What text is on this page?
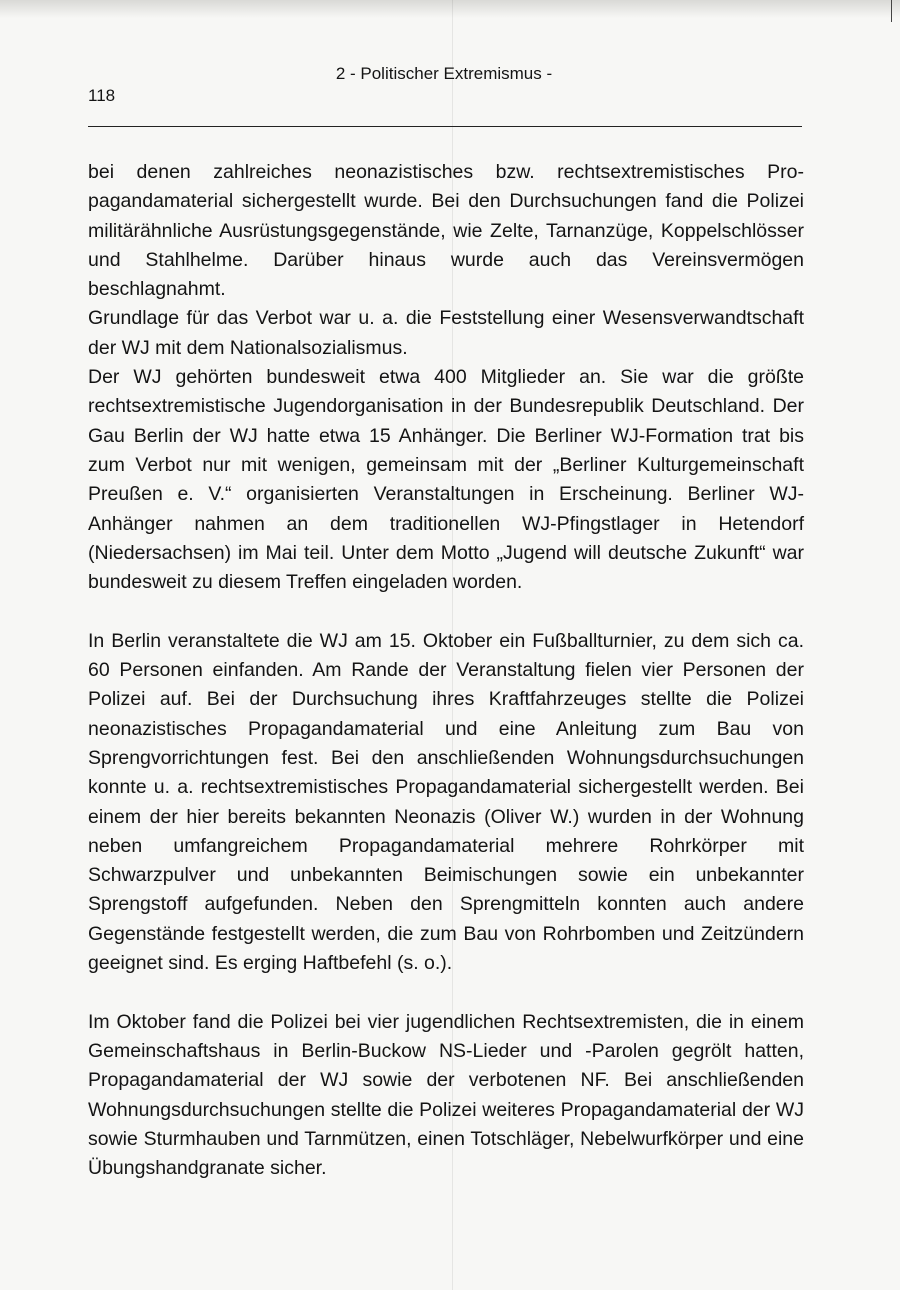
2 - Politischer Extremismus -
118

bei denen zahlreiches neonazistisches bzw. rechtsextremistisches Propagandamaterial sichergestellt wurde. Bei den Durchsuchungen fand die Polizei militärähnliche Ausrüstungsgegenstände, wie Zelte, Tarnanzüge, Koppelschlösser und Stahlhelme. Darüber hinaus wurde auch das Vereinsvermögen beschlagnahmt.

Grundlage für das Verbot war u. a. die Feststellung einer Wesensverwandtschaft der WJ mit dem Nationalsozialismus.

Der WJ gehörten bundesweit etwa 400 Mitglieder an. Sie war die größte rechtsextremistische Jugendorganisation in der Bundesrepublik Deutschland. Der Gau Berlin der WJ hatte etwa 15 Anhänger. Die Berliner WJ-Formation trat bis zum Verbot nur mit wenigen, gemeinsam mit der „Berliner Kulturgemeinschaft Preußen e. V.“ organisierten Veranstaltungen in Erscheinung. Berliner WJ-Anhänger nahmen an dem traditionellen WJ-Pfingstlager in Hetendorf (Niedersachsen) im Mai teil. Unter dem Motto „Jugend will deutsche Zukunft“ war bundesweit zu diesem Treffen eingeladen worden.

In Berlin veranstaltete die WJ am 15. Oktober ein Fußballturnier, zu dem sich ca. 60 Personen einfanden. Am Rande der Veranstaltung fielen vier Personen der Polizei auf. Bei der Durchsuchung ihres Kraftfahrzeuges stellte die Polizei neonazistisches Propagandamaterial und eine Anleitung zum Bau von Sprengvorrichtungen fest. Bei den anschließenden Wohnungsdurchsuchungen konnte u. a. rechtsextremistisches Propagandamaterial sichergestellt werden. Bei einem der hier bereits bekannten Neonazis (Oliver W.) wurden in der Wohnung neben umfangreichem Propagandamaterial mehrere Rohrkörper mit Schwarzpulver und unbekannten Beimischungen sowie ein unbekannter Sprengstoff aufgefunden. Neben den Sprengmitteln konnten auch andere Gegenstände festgestellt werden, die zum Bau von Rohrbomben und Zeitzündern geeignet sind. Es erging Haftbefehl (s. o.).

Im Oktober fand die Polizei bei vier jugendlichen Rechtsextremisten, die in einem Gemeinschaftshaus in Berlin-Buckow NS-Lieder und -Parolen gegrölt hatten, Propagandamaterial der WJ sowie der verbotenen NF. Bei anschließenden Wohnungsdurchsuchungen stellte die Polizei weiteres Propagandamaterial der WJ sowie Sturmhauben und Tarnmützen, einen Totschläger, Nebelwurfkörper und eine Übungshandgranate sicher.
